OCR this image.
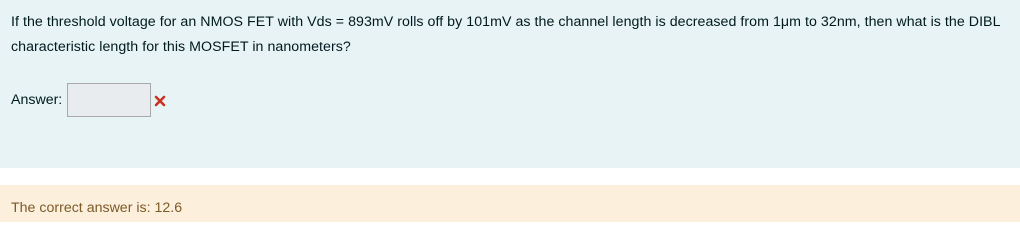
If the threshold voltage for an NMOS FET with Vds = 893mV rolls off by 101mV as the channel length is decreased from 1μm to 32nm, then what is the DIBL characteristic length for this MOSFET in nanometers?
Answer:
The correct answer is: 12.6
